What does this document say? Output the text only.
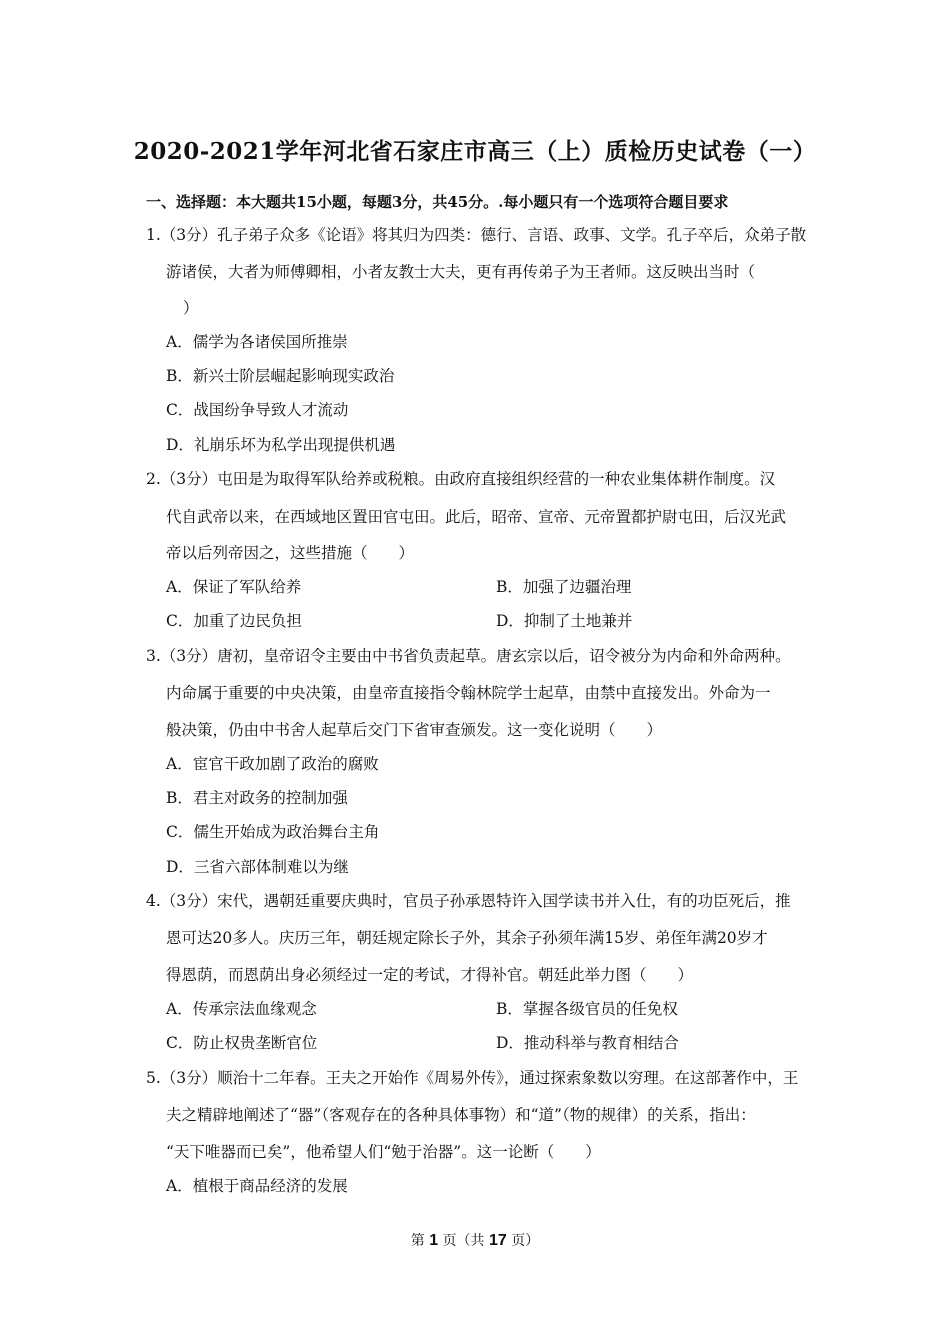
2020-2021学年河北省石家庄市高三（上）质检历史试卷（一）
一、选择题：本大题共15小题，每题3分，共45分。.每小题只有一个选项符合题目要求
1.（3分）孔子弟子众多《论语》将其归为四类：德行、言语、政事、文学。孔子卒后，众弟子散
游诸侯，大者为师傅卿相，小者友教士大夫，更有再传弟子为王者师。这反映出当时（
）
A．儒学为各诸侯国所推崇
B．新兴士阶层崛起影响现实政治
C．战国纷争导致人才流动
D．礼崩乐坏为私学出现提供机遇
2.（3分）屯田是为取得军队给养或税粮。由政府直接组织经营的一种农业集体耕作制度。汉
代自武帝以来，在西域地区置田官屯田。此后，昭帝、宣帝、元帝置都护尉屯田，后汉光武
帝以后列帝因之，这些措施（　　）
A．保证了军队给养	B．加强了边疆治理
C．加重了边民负担	D．抑制了土地兼并
3.（3分）唐初，皇帝诏令主要由中书省负责起草。唐玄宗以后，诏令被分为内命和外命两种。
内命属于重要的中央决策，由皇帝直接指令翰林院学士起草，由禁中直接发出。外命为一
般决策，仍由中书舍人起草后交门下省审查颁发。这一变化说明（　　）
A．宦官干政加剧了政治的腐败
B．君主对政务的控制加强
C．儒生开始成为政治舞台主角
D．三省六部体制难以为继
4.（3分）宋代，遇朝廷重要庆典时，官员子孙承恩特许入国学读书并入仕，有的功臣死后，推
恩可达20多人。庆历三年，朝廷规定除长子外，其余子孙须年满15岁、弟侄年满20岁才
得恩荫，而恩荫出身必须经过一定的考试，才得补官。朝廷此举力图（　　）
A．传承宗法血缘观念	B．掌握各级官员的任免权
C．防止权贵垄断官位	D．推动科举与教育相结合
5.（3分）顺治十二年春。王夫之开始作《周易外传》，通过探索象数以穷理。在这部著作中，王
夫之精辟地阐述了“器”（客观存在的各种具体事物）和“道”（物的规律）的关系，指出：
“天下唯器而已矣”，他希望人们“勉于治器”。这一论断（　　）
A．植根于商品经济的发展
第 1 页（共 17 页）
